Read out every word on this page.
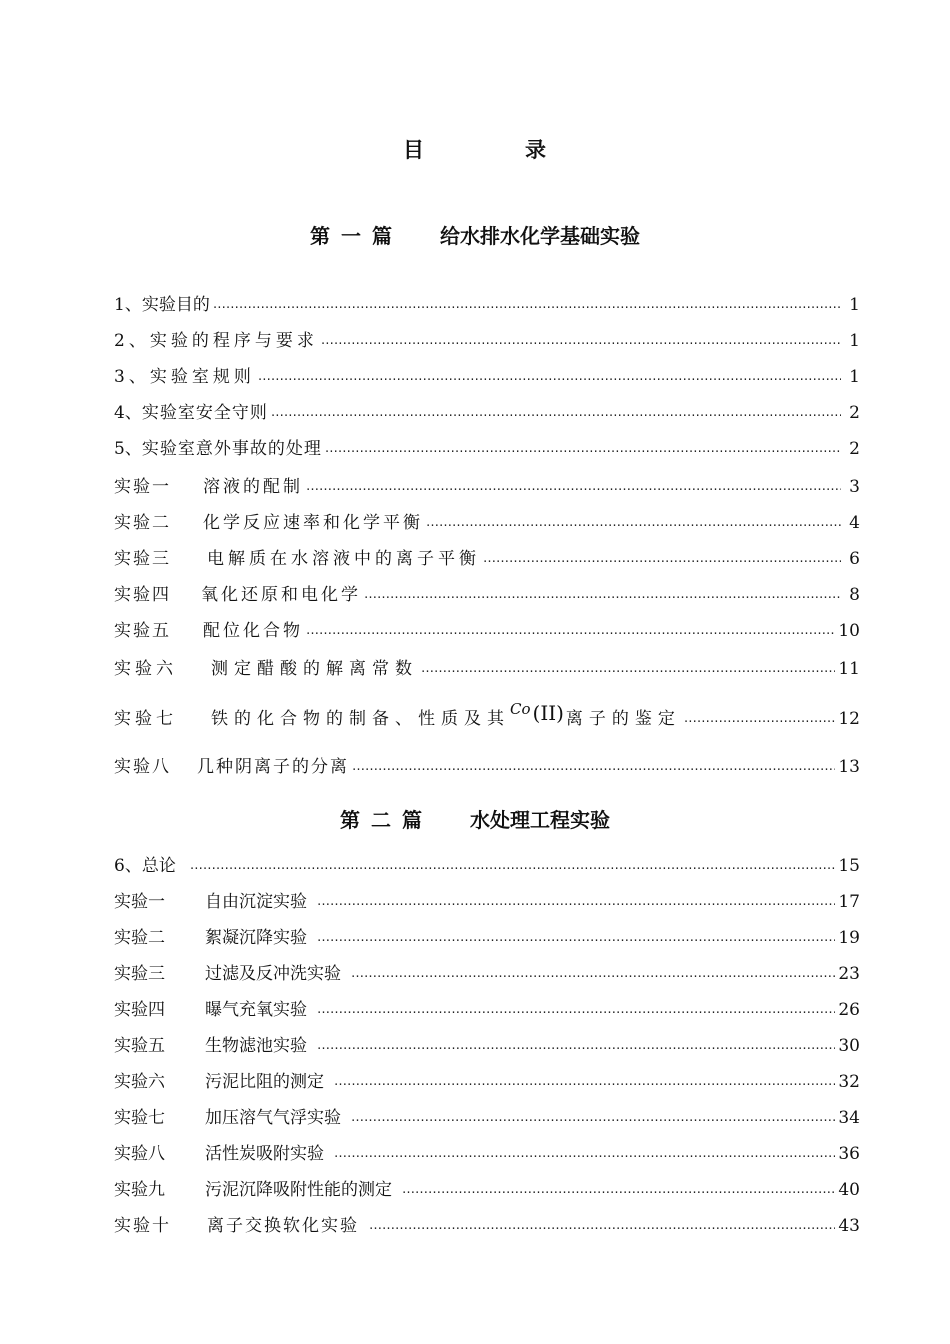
目	录
第 一 篇 给水排水化学基础实验
1、 实验目的 ……………………………………………………………………………………………………………………………………………………………………………………………………………………	1
2、 实验的程序与要求 ……………………………………………………………………………………………………………………………………………………………………………………………………………………	1
3、 实验室规则 ……………………………………………………………………………………………………………………………………………………………………………………………………………………	1
4、 实验室安全守则 ……………………………………………………………………………………………………………………………………………………………………………………………………………………	2
5、 实验室意外事故的处理 ……………………………………………………………………………………………………………………………………………………………………………………………………………………	2
实验一 溶液的配制 ……………………………………………………………………………………………………………………………………………………………………………………………………………………	3
实验二 化学反应速率和化学平衡 ……………………………………………………………………………………………………………………………………………………………………………………………………………………	4
实验三 电解质在水溶液中的离子平衡 ……………………………………………………………………………………………………………………………………………………………………………………………………………………	6
实验四 氧化还原和电化学 ……………………………………………………………………………………………………………………………………………………………………………………………………………………	8
实验五 配位化合物 ……………………………………………………………………………………………………………………………………………………………………………………………………………………	10
实验六 测定醋酸的解离常数 ……………………………………………………………………………………………………………………………………………………………………………………………………………………	11
实验七 铁的化合物的制备、性质及其 Co (II) 离子的鉴定 ……………………………………………………………………………………………………………………………………………………………………………………………………………………	12
实验八 几种阴离子的分离 ……………………………………………………………………………………………………………………………………………………………………………………………………………………	13
第 二 篇 水处理工程实验
6、 总论 ……………………………………………………………………………………………………………………………………………………………………………………………………………………	15
实验一 自由沉淀实验 ……………………………………………………………………………………………………………………………………………………………………………………………………………………	17
实验二 絮凝沉降实验 ……………………………………………………………………………………………………………………………………………………………………………………………………………………	19
实验三 过滤及反冲洗实验 ……………………………………………………………………………………………………………………………………………………………………………………………………………………	23
实验四 曝气充氧实验 ……………………………………………………………………………………………………………………………………………………………………………………………………………………	26
实验五 生物滤池实验 ……………………………………………………………………………………………………………………………………………………………………………………………………………………	30
实验六 污泥比阻的测定 ……………………………………………………………………………………………………………………………………………………………………………………………………………………	32
实验七 加压溶气气浮实验 ……………………………………………………………………………………………………………………………………………………………………………………………………………………	34
实验八 活性炭吸附实验 ……………………………………………………………………………………………………………………………………………………………………………………………………………………	36
实验九 污泥沉降吸附性能的测定 ……………………………………………………………………………………………………………………………………………………………………………………………………………………	40
实验十 离子交换软化实验 ……………………………………………………………………………………………………………………………………………………………………………………………………………………	43
